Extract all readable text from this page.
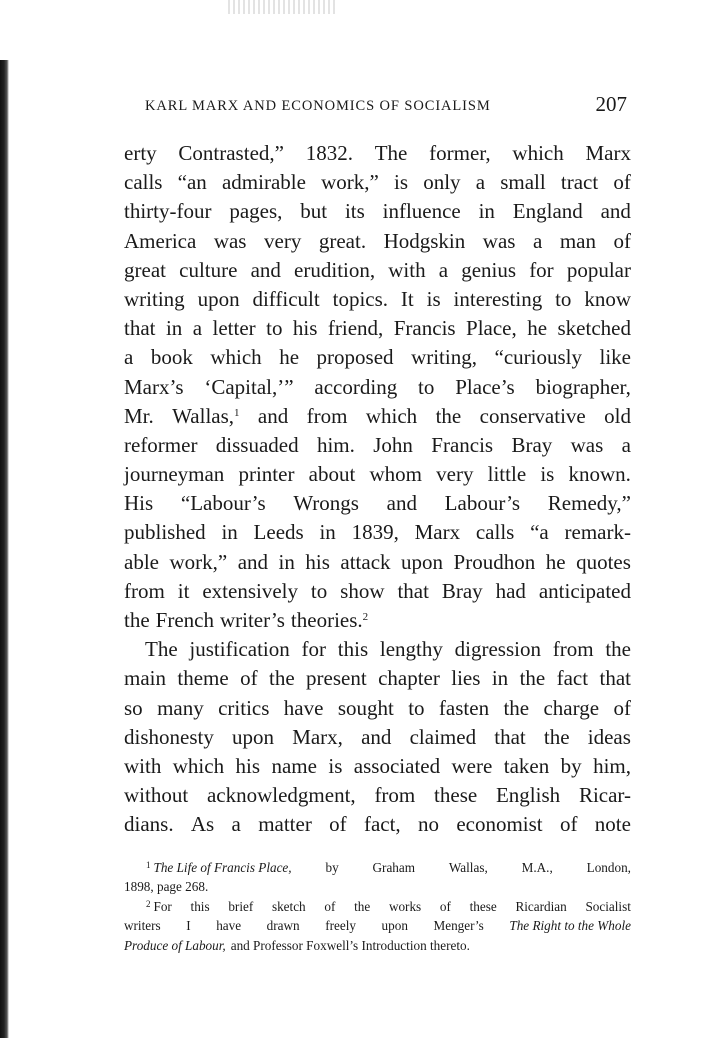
KARL MARX AND ECONOMICS OF SOCIALISM	207
erty Contrasted,” 1832. The former, which Marx
calls “an admirable work,” is only a small tract of
thirty-four pages, but its influence in England and
America was very great. Hodgskin was a man of
great culture and erudition, with a genius for popular
writing upon difficult topics. It is interesting to know
that in a letter to his friend, Francis Place, he sketched
a book which he proposed writing, “curiously like
Marx’s ‘Capital,’” according to Place’s biographer,
Mr. Wallas,$^1$ and from which the conservative old
reformer dissuaded him. John Francis Bray was a
journeyman printer about whom very little is known.
His “Labour’s Wrongs and Labour’s Remedy,”
published in Leeds in 1839, Marx calls “a remark-
able work,” and in his attack upon Proudhon he quotes
from it extensively to show that Bray had anticipated
the French writer’s theories.$^2$
The justification for this lengthy digression from the
main theme of the present chapter lies in the fact that
so many critics have sought to fasten the charge of
dishonesty upon Marx, and claimed that the ideas
with which his name is associated were taken by him,
without acknowledgment, from these English Ricar-
dians. As a matter of fact, no economist of note
$^1$ The Life of Francis Place,	by	Graham	Wallas,	M.A.,	London,
1898, page 268.
$^2$ For this brief sketch of the works of these Ricardian Socialist
writers I have drawn freely upon Menger’s The Right to the Whole
Produce of Labour, and Professor Foxwell’s Introduction thereto.
